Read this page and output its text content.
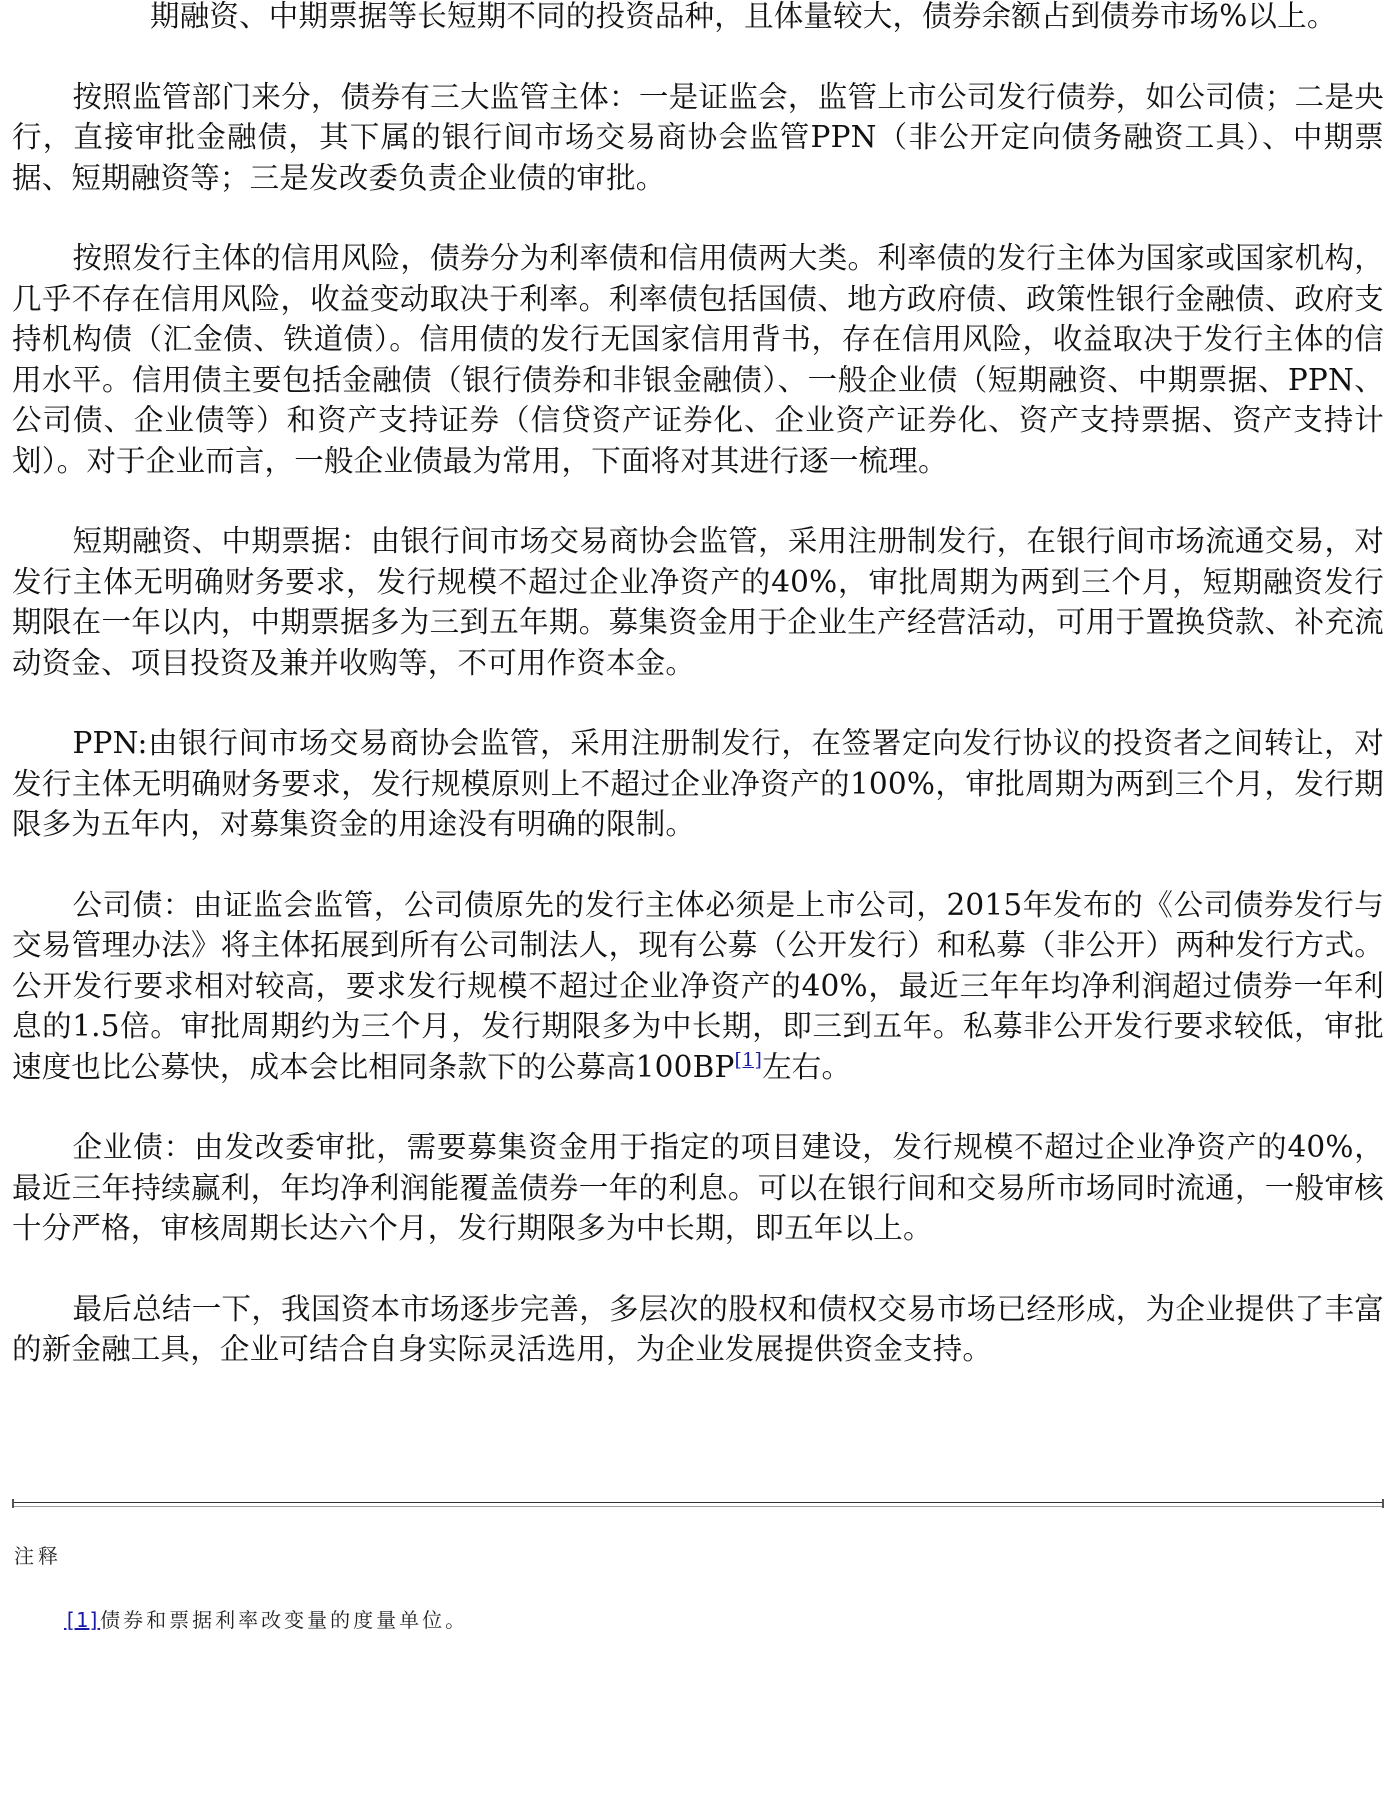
期融资、中期票据等长短期不同的投资品种，且体量较大，债券余额占到债券市场%以上。

按照监管部门来分，债券有三大监管主体：一是证监会，监管上市公司发行债券，如公司债；二是央行，直接审批金融债，其下属的银行间市场交易商协会监管PPN（非公开定向债务融资工具）、中期票据、短期融资等；三是发改委负责企业债的审批。

按照发行主体的信用风险，债券分为利率债和信用债两大类。利率债的发行主体为国家或国家机构，几乎不存在信用风险，收益变动取决于利率。利率债包括国债、地方政府债、政策性银行金融债、政府支持机构债（汇金债、铁道债）。信用债的发行无国家信用背书，存在信用风险，收益取决于发行主体的信用水平。信用债主要包括金融债（银行债券和非银金融债）、一般企业债（短期融资、中期票据、PPN、公司债、企业债等）和资产支持证券（信贷资产证券化、企业资产证券化、资产支持票据、资产支持计划）。对于企业而言，一般企业债最为常用，下面将对其进行逐一梳理。

短期融资、中期票据：由银行间市场交易商协会监管，采用注册制发行，在银行间市场流通交易，对发行主体无明确财务要求，发行规模不超过企业净资产的40%，审批周期为两到三个月，短期融资发行期限在一年以内，中期票据多为三到五年期。募集资金用于企业生产经营活动，可用于置换贷款、补充流动资金、项目投资及兼并收购等，不可用作资本金。

PPN:由银行间市场交易商协会监管，采用注册制发行，在签署定向发行协议的投资者之间转让，对发行主体无明确财务要求，发行规模原则上不超过企业净资产的100%，审批周期为两到三个月，发行期限多为五年内，对募集资金的用途没有明确的限制。

公司债：由证监会监管，公司债原先的发行主体必须是上市公司，2015年发布的《公司债券发行与交易管理办法》将主体拓展到所有公司制法人，现有公募（公开发行）和私募（非公开）两种发行方式。公开发行要求相对较高，要求发行规模不超过企业净资产的40%，最近三年年均净利润超过债券一年利息的1.5倍。审批周期约为三个月，发行期限多为中长期，即三到五年。私募非公开发行要求较低，审批速度也比公募快，成本会比相同条款下的公募高100BP[1]左右。

企业债：由发改委审批，需要募集资金用于指定的项目建设，发行规模不超过企业净资产的40%，最近三年持续赢利，年均净利润能覆盖债券一年的利息。可以在银行间和交易所市场同时流通，一般审核十分严格，审核周期长达六个月，发行期限多为中长期，即五年以上。

最后总结一下，我国资本市场逐步完善，多层次的股权和债权交易市场已经形成，为企业提供了丰富的新金融工具，企业可结合自身实际灵活选用，为企业发展提供资金支持。

注释
[1]债券和票据利率改变量的度量单位。
